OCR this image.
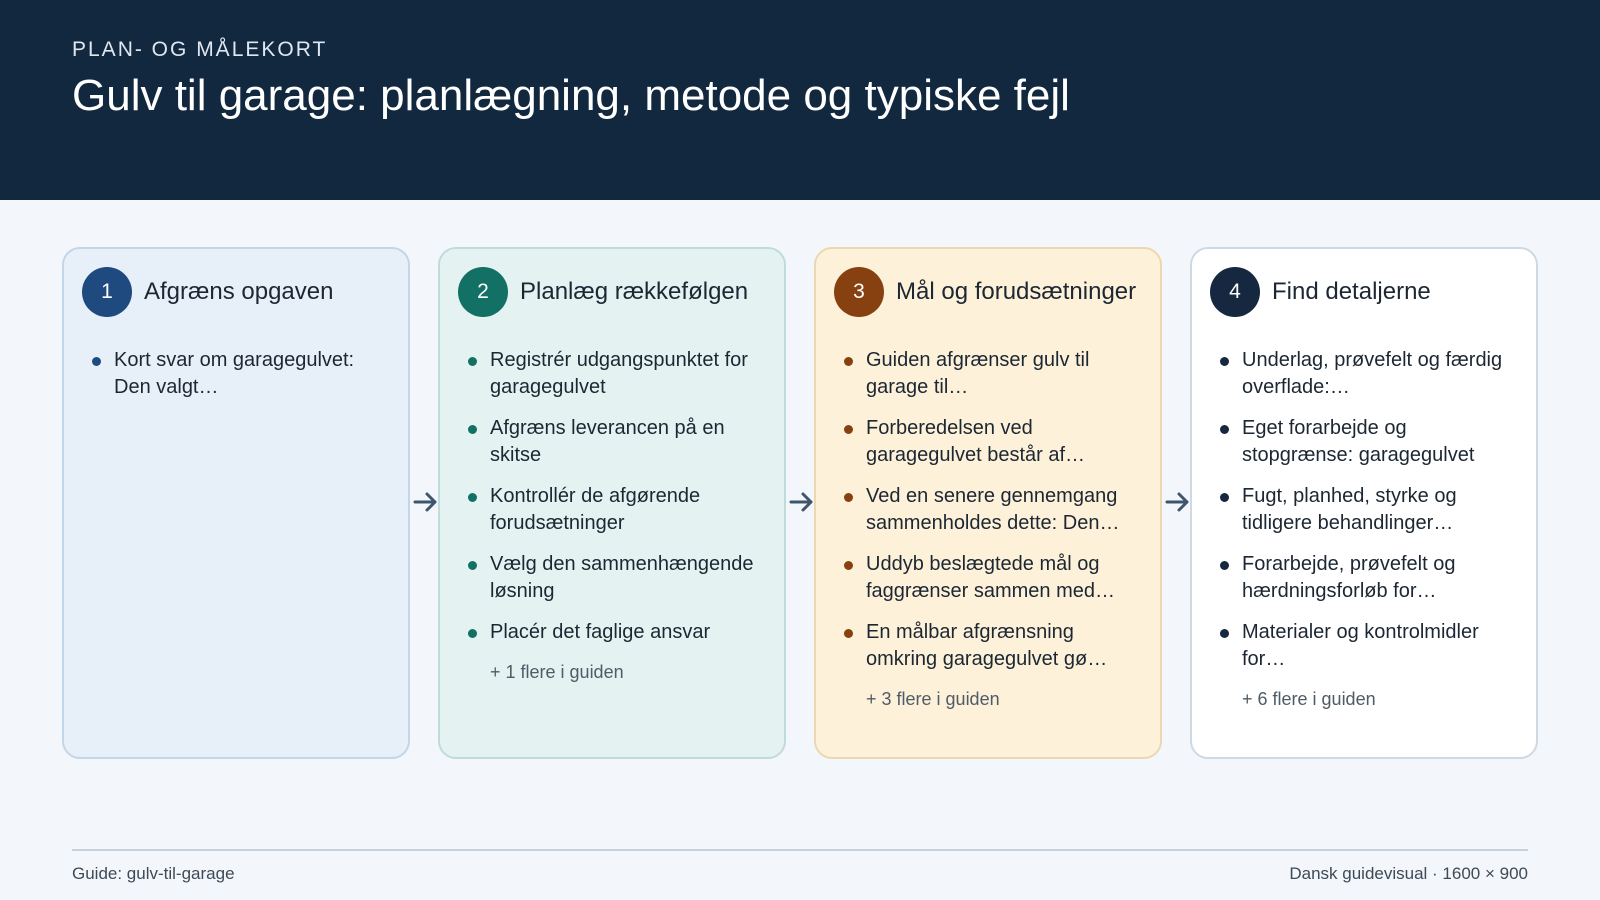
PLAN- OG MÅLEKORT
Gulv til garage: planlægning, metode og typiske fejl
1	Afgræns opgaven
Kort svar om garagegulvet: Den valgt…
2	Planlæg rækkefølgen
Registrér udgangspunktet for garagegulvet
Afgræns leverancen på en skitse
Kontrollér de afgørende forudsætninger
Vælg den sammenhængende løsning
Placér det faglige ansvar
+ 1 flere i guiden
3	Mål og forudsætninger
Guiden afgrænser gulv til garage til…
Forberedelsen ved garagegulvet består af…
Ved en senere gennemgang sammenholdes dette: Den…
Uddyb beslægtede mål og faggrænser sammen med…
En målbar afgrænsning omkring garagegulvet gø…
+ 3 flere i guiden
4	Find detaljerne
Underlag, prøvefelt og færdig overflade:…
Eget forarbejde og stopgrænse: garagegulvet
Fugt, planhed, styrke og tidligere behandlinger…
Forarbejde, prøvefelt og hærdningsforløb for…
Materialer og kontrolmidler for…
+ 6 flere i guiden
Guide: gulv-til-garage	Dansk guidevisual · 1600 × 900
